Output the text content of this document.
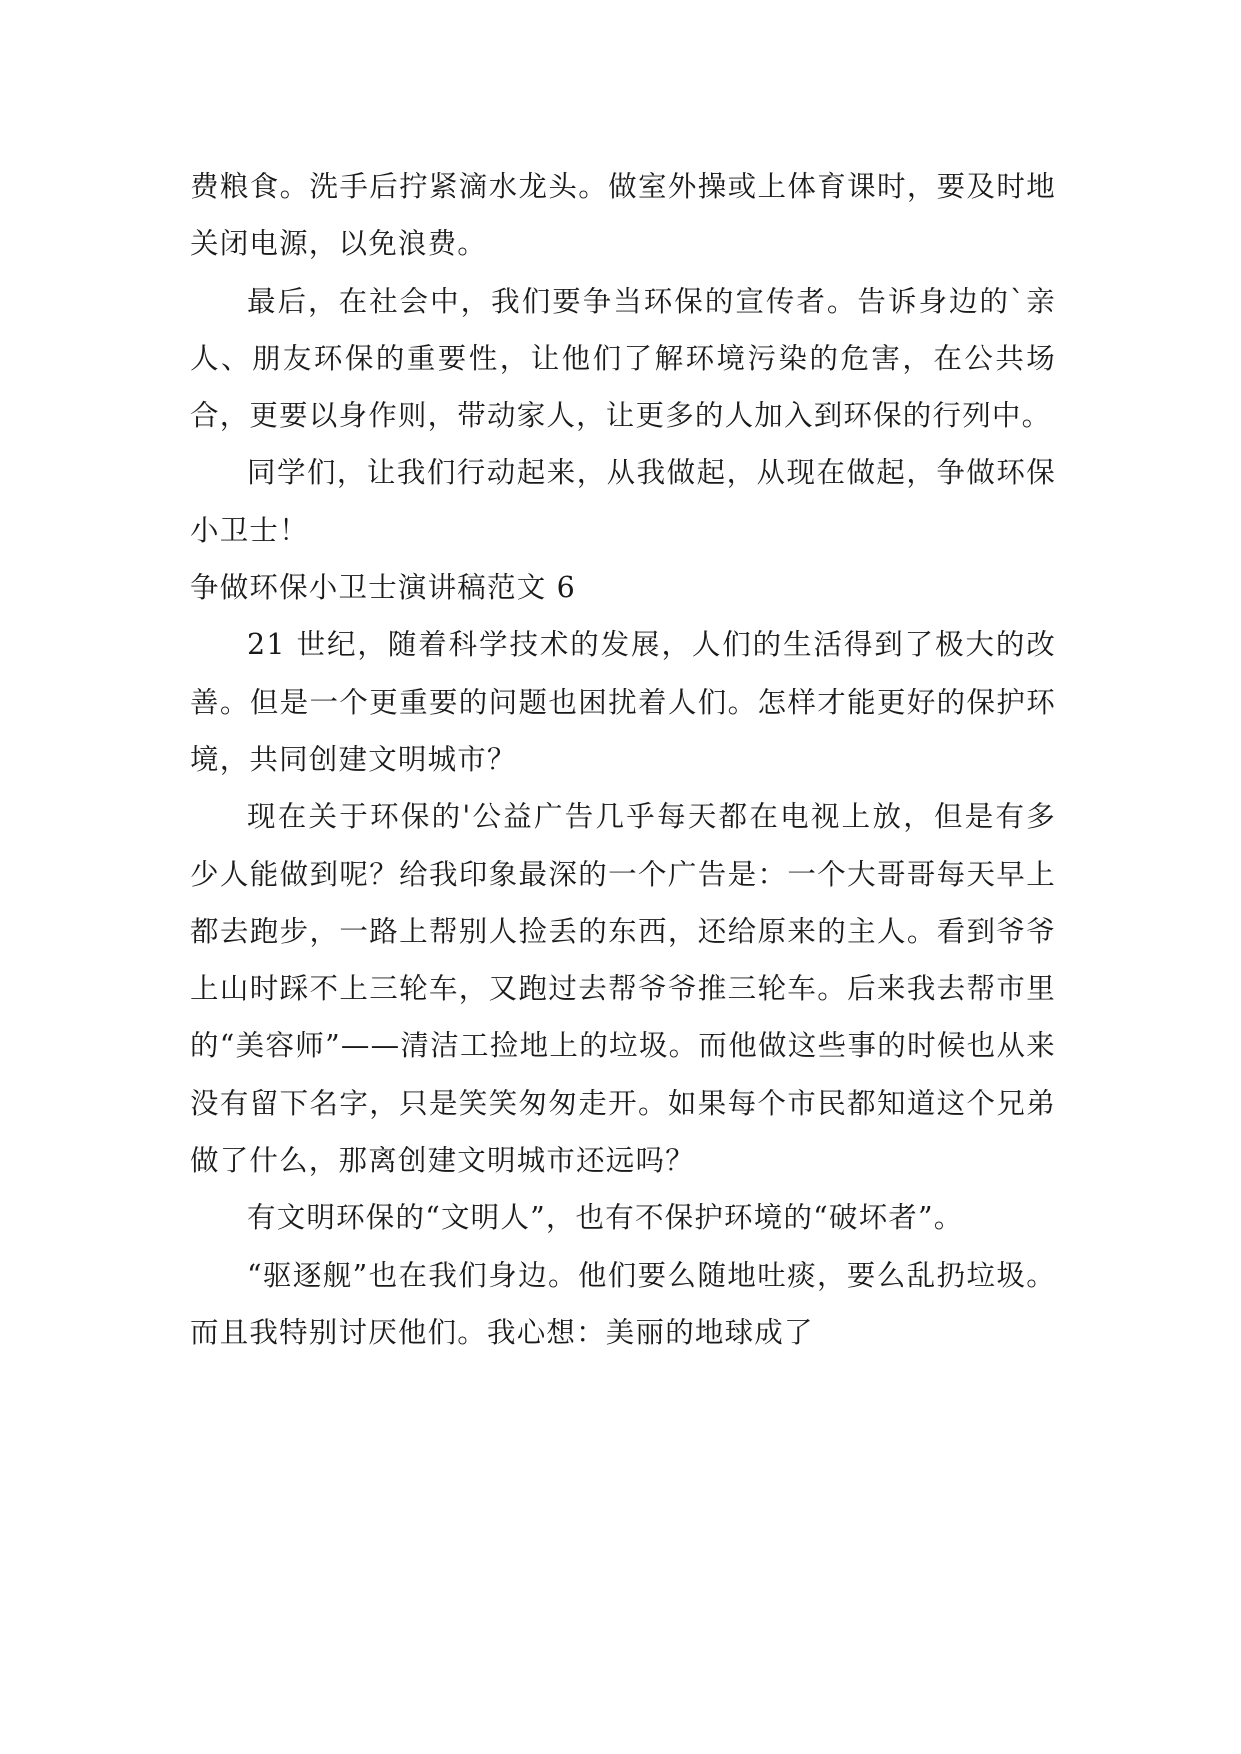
费粮食。洗手后拧紧滴水龙头。做室外操或上体育课时，要及时地关闭电源，以免浪费。

最后，在社会中，我们要争当环保的宣传者。告诉身边的`亲人、朋友环保的重要性，让他们了解环境污染的危害，在公共场合，更要以身作则，带动家人，让更多的人加入到环保的行列中。

同学们，让我们行动起来，从我做起，从现在做起，争做环保小卫士！

争做环保小卫士演讲稿范文 6

21 世纪，随着科学技术的发展，人们的生活得到了极大的改善。但是一个更重要的问题也困扰着人们。怎样才能更好的保护环境，共同创建文明城市？

现在关于环保的'公益广告几乎每天都在电视上放，但是有多少人能做到呢？给我印象最深的一个广告是：一个大哥哥每天早上都去跑步，一路上帮别人捡丢的东西，还给原来的主人。看到爷爷上山时踩不上三轮车，又跑过去帮爷爷推三轮车。后来我去帮市里的“美容师”——清洁工捡地上的垃圾。而他做这些事的时候也从来没有留下名字，只是笑笑匆匆走开。如果每个市民都知道这个兄弟做了什么，那离创建文明城市还远吗？

有文明环保的“文明人”，也有不保护环境的“破坏者”。

“驱逐舰”也在我们身边。他们要么随地吐痰，要么乱扔垃圾。而且我特别讨厌他们。我心想：美丽的地球成了
